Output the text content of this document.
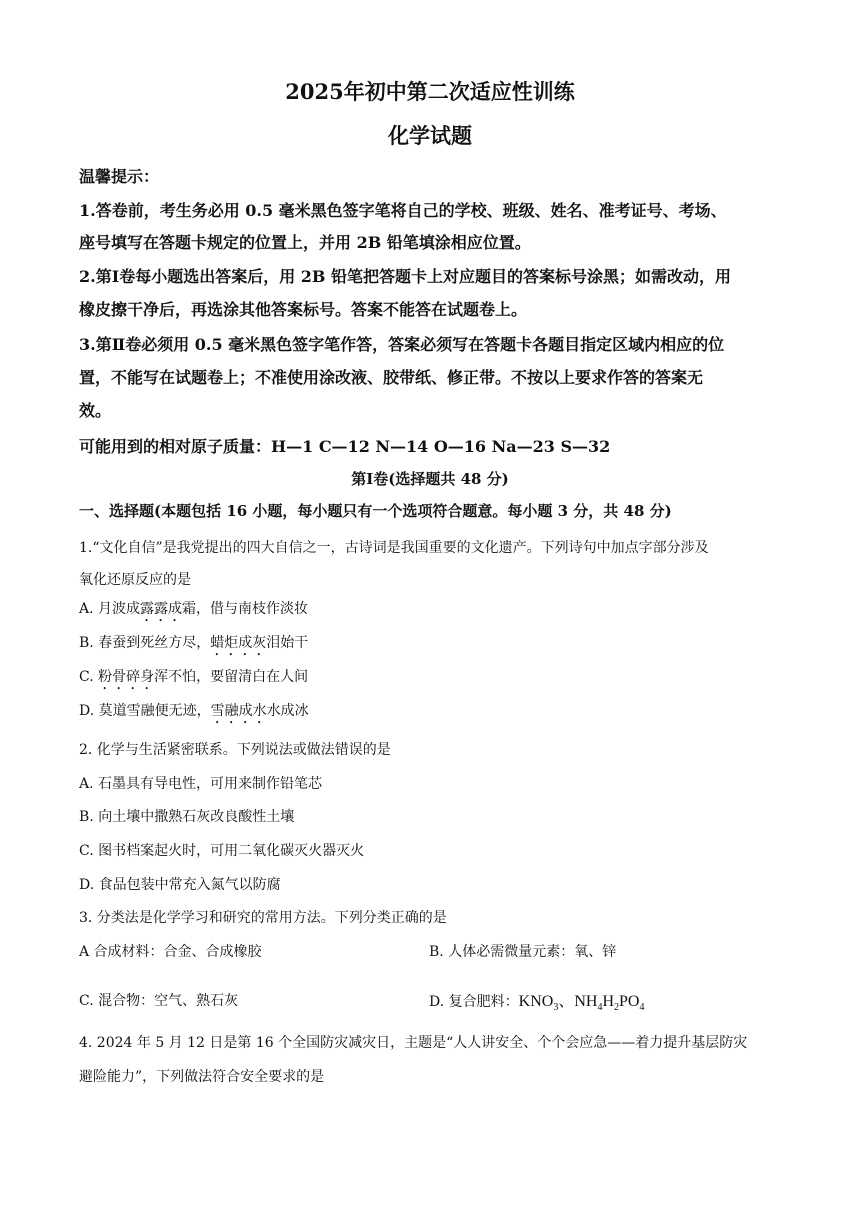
2025年初中第二次适应性训练
化学试题
温馨提示：
1.答卷前，考生务必用 0.5 毫米黑色签字笔将自己的学校、班级、姓名、准考证号、考场、
座号填写在答题卡规定的位置上，并用 2B 铅笔填涂相应位置。
2.第Ⅰ卷每小题选出答案后，用 2B 铅笔把答题卡上对应题目的答案标号涂黑；如需改动，用
橡皮擦干净后，再选涂其他答案标号。答案不能答在试题卷上。
3.第Ⅱ卷必须用 0.5 毫米黑色签字笔作答，答案必须写在答题卡各题目指定区域内相应的位
置，不能写在试题卷上；不准使用涂改液、胶带纸、修正带。不按以上要求作答的答案无
效。
可能用到的相对原子质量：H—1 C—12 N—14 O—16 Na—23 S—32
第Ⅰ卷(选择题共 48 分)
一、选择题(本题包括 16 小题，每小题只有一个选项符合题意。每小题 3 分，共 48 分)
1.“文化自信”是我党提出的四大自信之一，古诗词是我国重要的文化遗产。下列诗句中加点字部分涉及
氧化还原反应的是
A. 月波成露露成霜，借与南枝作淡妆
B. 春蚕到死丝方尽，蜡炬成灰泪始干
C. 粉骨碎身浑不怕，要留清白在人间
D. 莫道雪融便无迹，雪融成水水成冰
2. 化学与生活紧密联系。下列说法或做法错误的是
A. 石墨具有导电性，可用来制作铅笔芯
B. 向土壤中撒熟石灰改良酸性土壤
C. 图书档案起火时，可用二氧化碳灭火器灭火
D. 食品包装中常充入氮气以防腐
3. 分类法是化学学习和研究的常用方法。下列分类正确的是
A 合成材料：合金、合成橡胶	B. 人体必需微量元素：氧、锌
C. 混合物：空气、熟石灰	D. 复合肥料：$KNO_3$、$NH_4H_2PO_4$
4. 2024 年 5 月 12 日是第 16 个全国防灾减灾日，主题是“人人讲安全、个个会应急——着力提升基层防灾
避险能力”，下列做法符合安全要求的是
